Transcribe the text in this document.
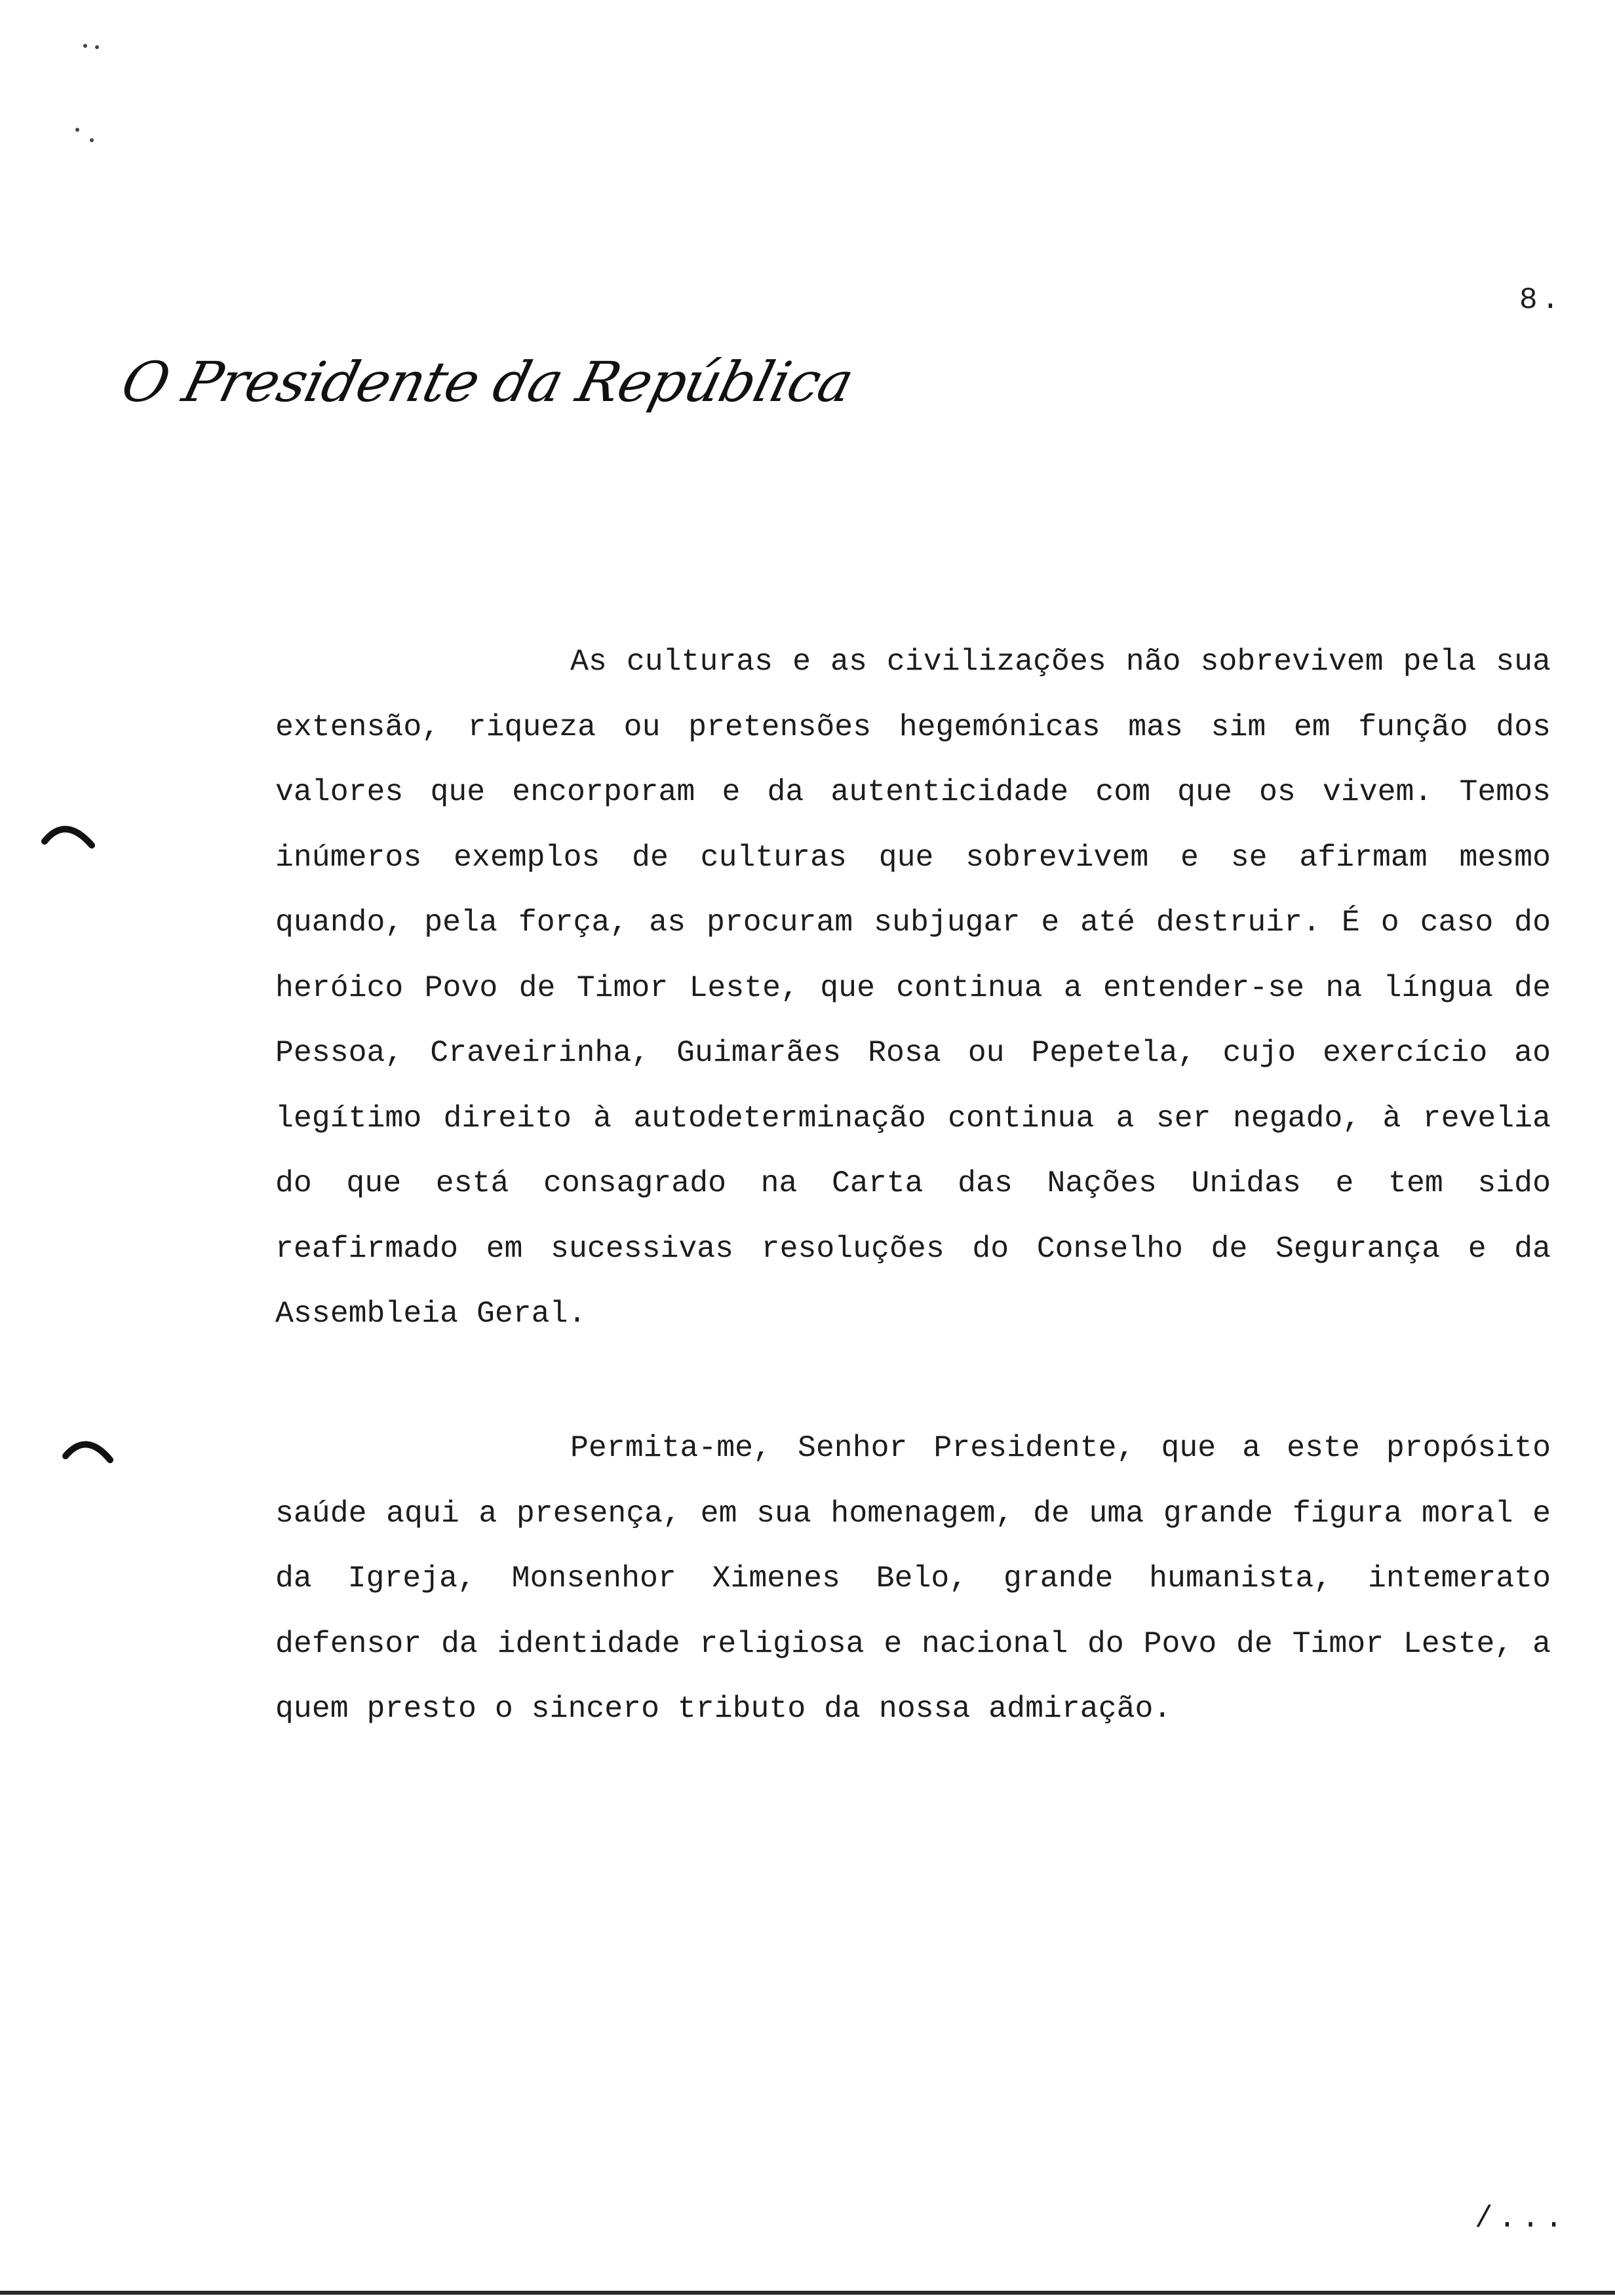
8.
O Presidente da República

As culturas e as civilizações não sobrevivem pela sua extensão, riqueza ou pretensões hegemónicas mas sim em função dos valores que encorporam e da autenticidade com que os vivem. Temos inúmeros exemplos de culturas que sobrevivem e se afirmam mesmo quando, pela força, as procuram subjugar e até destruir. É o caso do heróico Povo de Timor Leste, que continua a entender-se na língua de Pessoa, Craveirinha, Guimarães Rosa ou Pepetela, cujo exercício ao legítimo direito à autodeterminação continua a ser negado, à revelia do que está consagrado na Carta das Nações Unidas e tem sido reafirmado em sucessivas resoluções do Conselho de Segurança e da Assembleia Geral.

Permita-me, Senhor Presidente, que a este propósito saúde aqui a presença, em sua homenagem, de uma grande figura moral e da Igreja, Monsenhor Ximenes Belo, grande humanista, intemerato defensor da identidade religiosa e nacional do Povo de Timor Leste, a quem presto o sincero tributo da nossa admiração.

/...
